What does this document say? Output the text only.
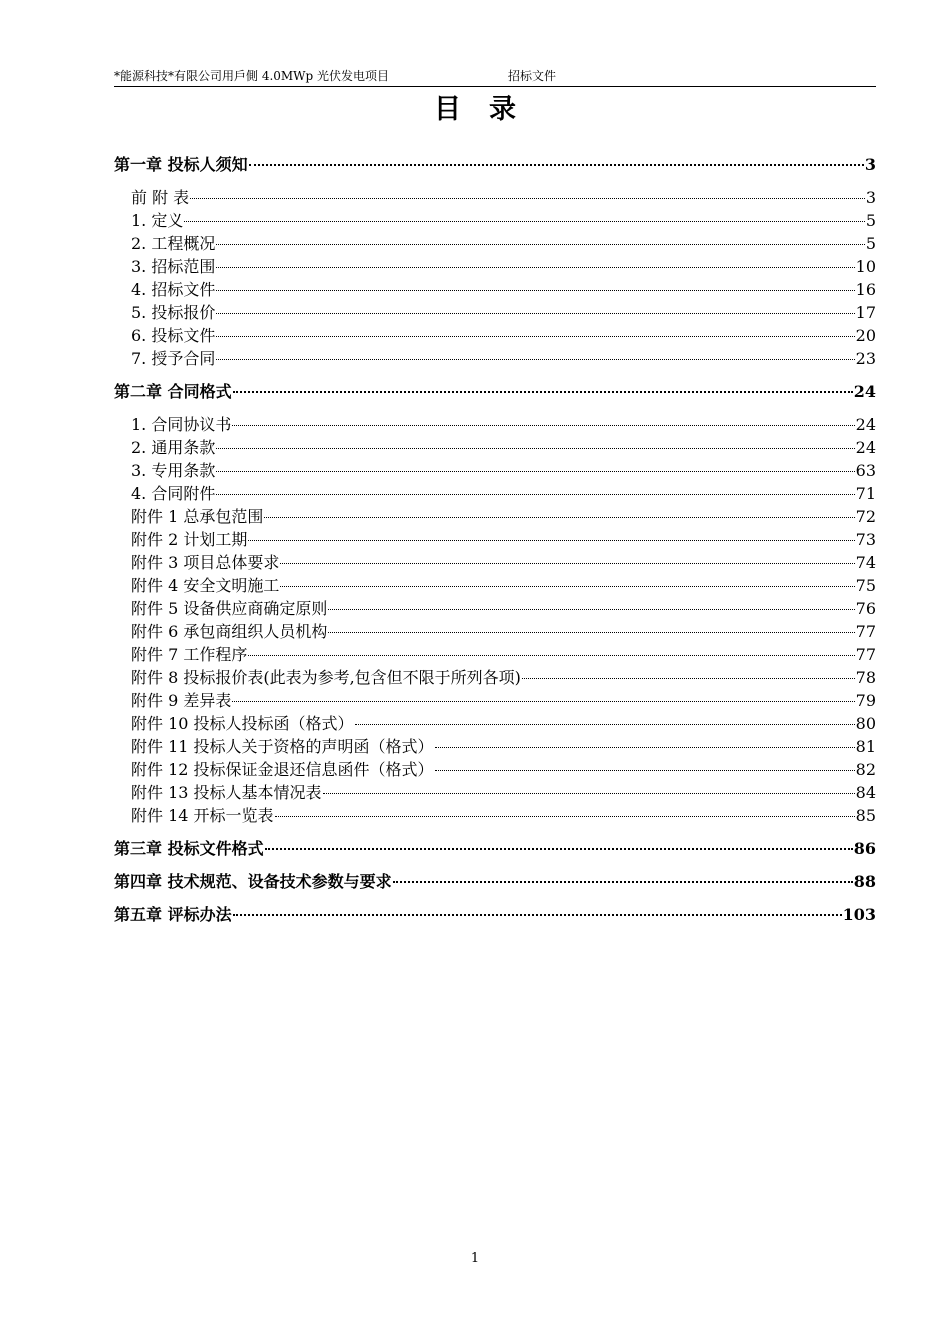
*能源科技*有限公司用戶側 4.0MWp 光伏发电项目	招标文件
目录
第一章 投标人须知	3
前 附 表	3
1. 定义	5
2. 工程概况	5
3. 招标范围	10
4. 招标文件	16
5. 投标报价	17
6. 投标文件	20
7. 授予合同	23
第二章 合同格式	24
1. 合同协议书	24
2. 通用条款	24
3. 专用条款	63
4. 合同附件	71
附件 1 总承包范围	72
附件 2 计划工期	73
附件 3 项目总体要求	74
附件 4 安全文明施工	75
附件 5 设备供应商确定原则	76
附件 6 承包商组织人员机构	77
附件 7 工作程序	77
附件 8 投标报价表(此表为参考,包含但不限于所列各项)	78
附件 9 差异表	79
附件 10 投标人投标函（格式）	80
附件 11 投标人关于资格的声明函（格式）	81
附件 12 投标保证金退还信息函件（格式）	82
附件 13 投标人基本情况表	84
附件 14 开标一览表	85
第三章 投标文件格式	86
第四章 技术规范、设备技术参数与要求	88
第五章 评标办法	103
1
